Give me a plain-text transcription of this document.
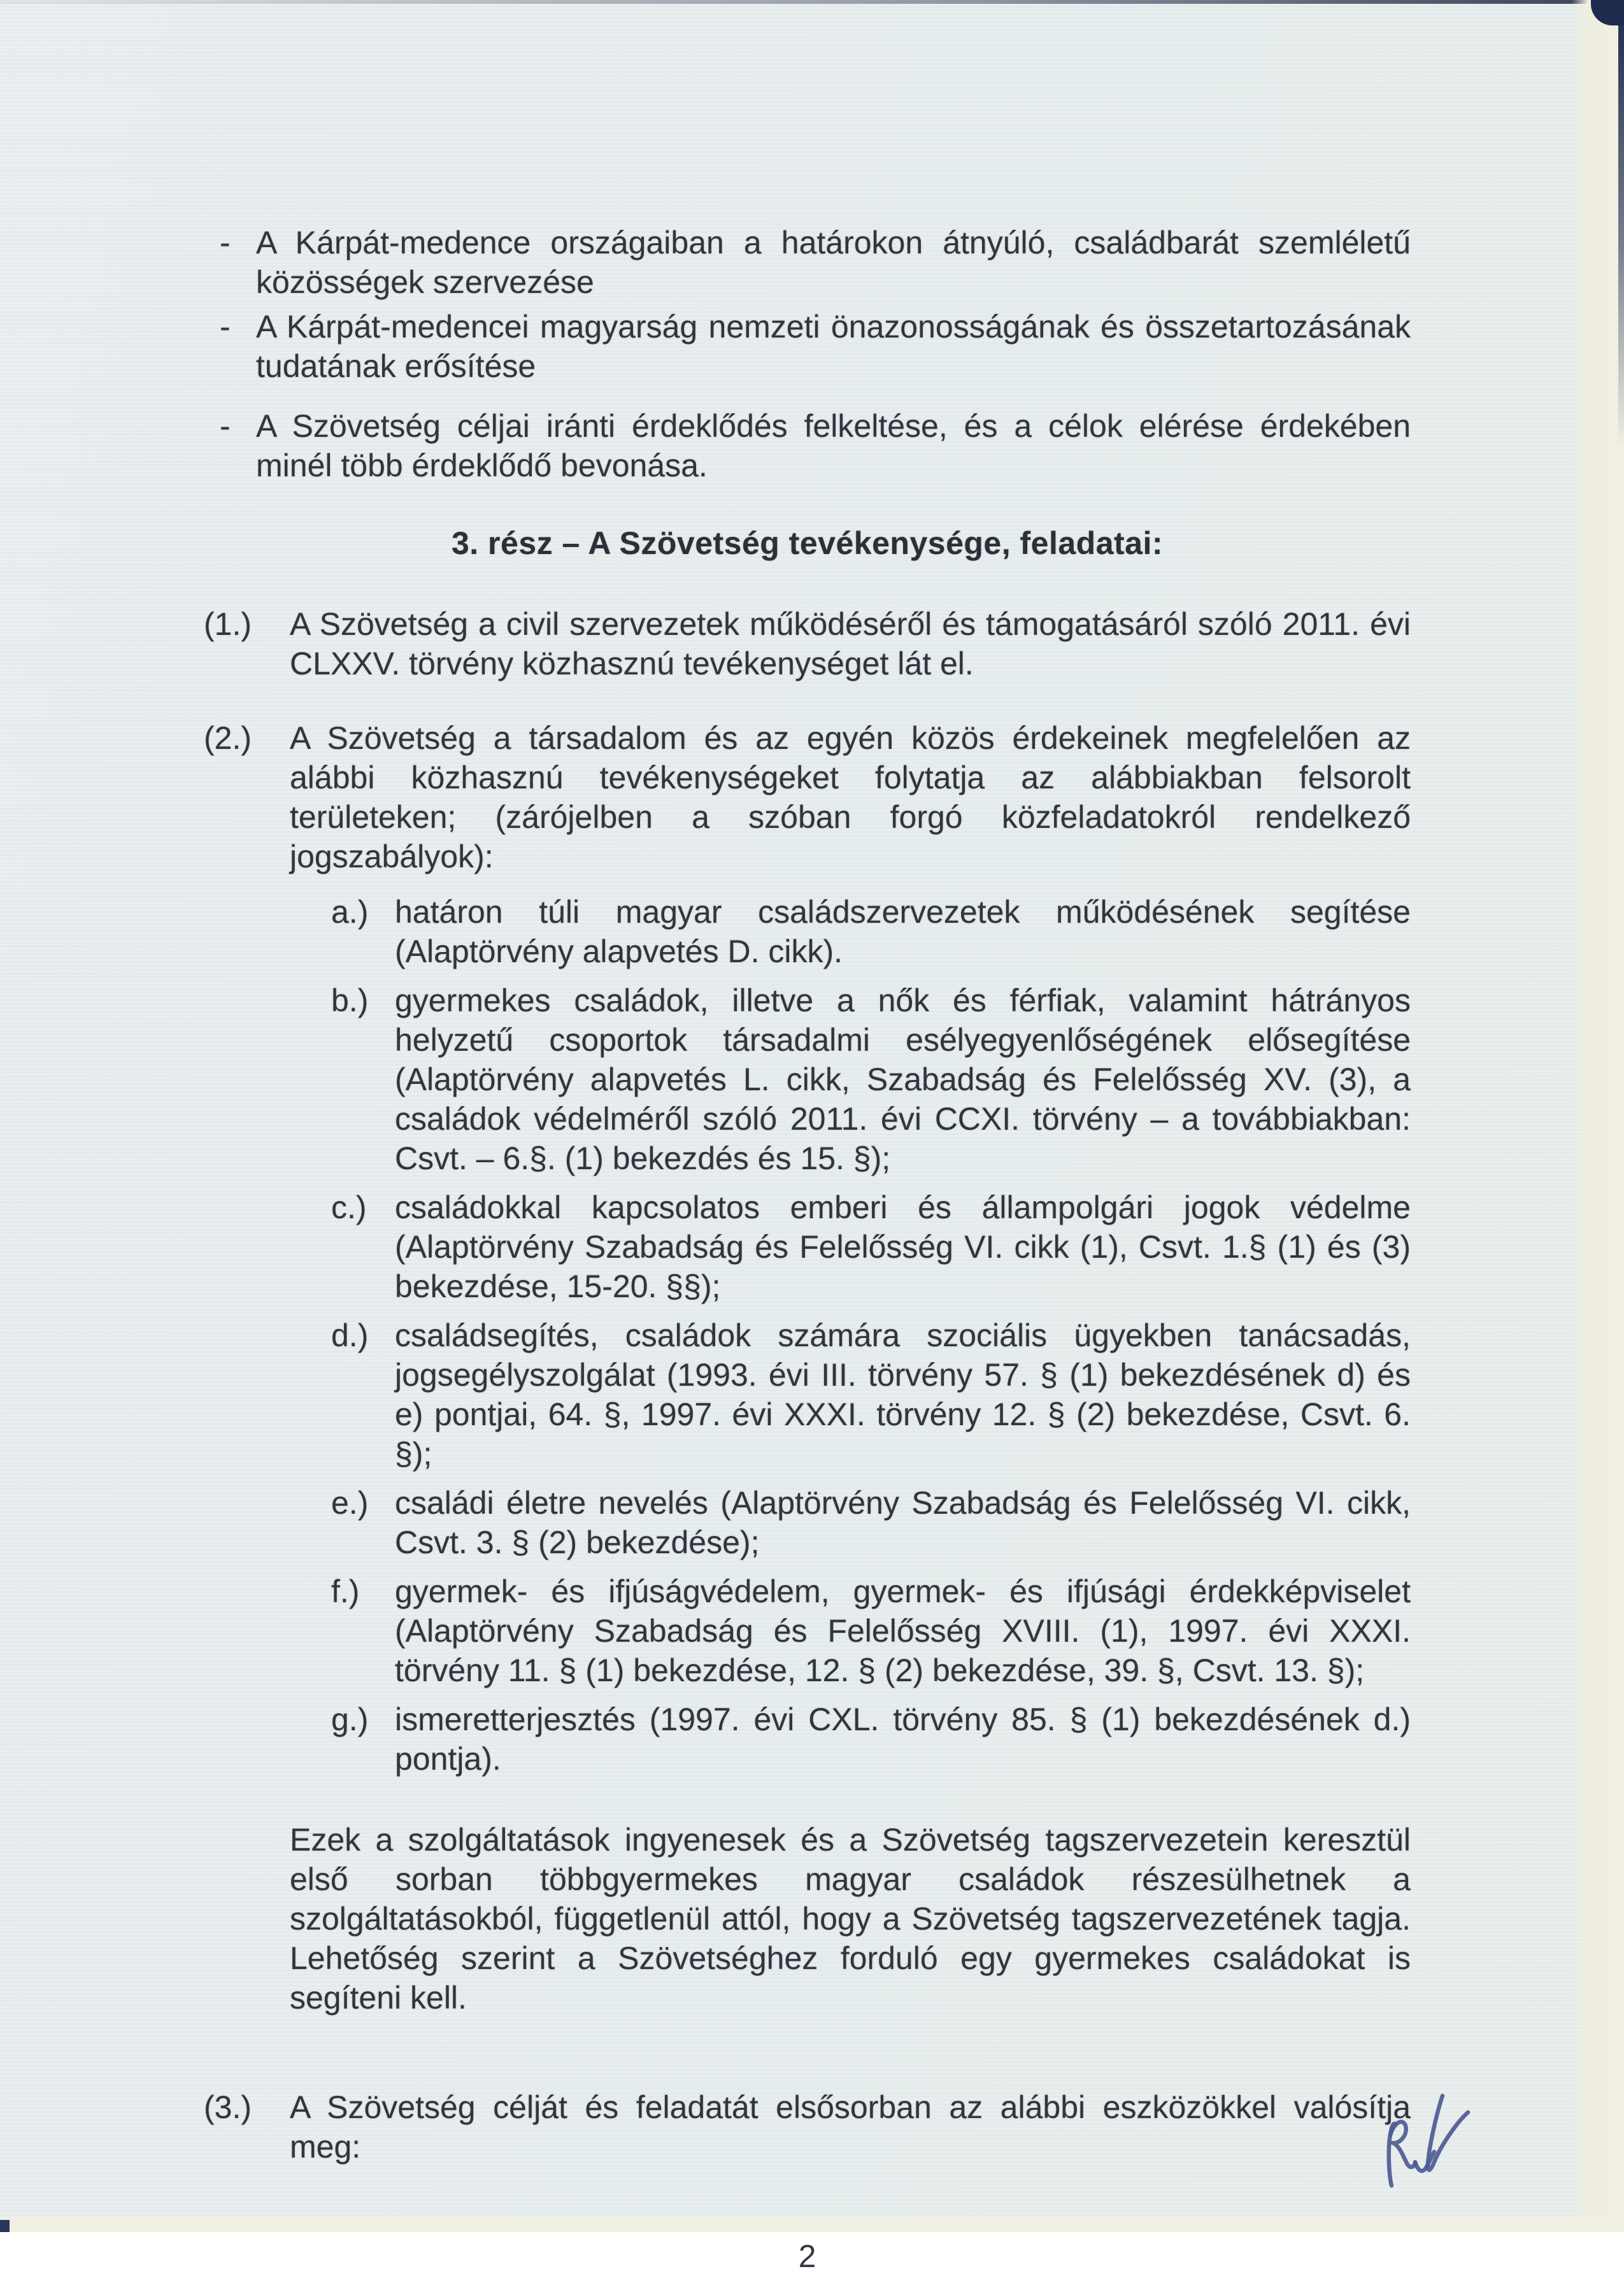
- A Kárpát-medence országaiban a határokon átnyúló, családbarát szemléletű közösségek szervezése
- A Kárpát-medencei magyarság nemzeti önazonosságának és összetartozásának tudatának erősítése
- A Szövetség céljai iránti érdeklődés felkeltése, és a célok elérése érdekében minél több érdeklődő bevonása.
3. rész – A Szövetség tevékenysége, feladatai:
(1.) A Szövetség a civil szervezetek működéséről és támogatásáról szóló 2011. évi CLXXV. törvény közhasznú tevékenységet lát el.
(2.) A Szövetség a társadalom és az egyén közös érdekeinek megfelelően az alábbi közhasznú tevékenységeket folytatja az alábbiakban felsorolt területeken; (zárójelben a szóban forgó közfeladatokról rendelkező jogszabályok):
a.) határon túli magyar családszervezetek működésének segítése (Alaptörvény alapvetés D. cikk).
b.) gyermekes családok, illetve a nők és férfiak, valamint hátrányos helyzetű csoportok társadalmi esélyegyenlőségének elősegítése (Alaptörvény alapvetés L. cikk, Szabadság és Felelősség XV. (3), a családok védelméről szóló 2011. évi CCXI. törvény – a továbbiakban: Csvt. – 6.§. (1) bekezdés és 15. §);
c.) családokkal kapcsolatos emberi és állampolgári jogok védelme (Alaptörvény Szabadság és Felelősség VI. cikk (1), Csvt. 1.§ (1) és (3) bekezdése, 15-20. §§);
d.) családsegítés, családok számára szociális ügyekben tanácsadás, jogsegélyszolgálat (1993. évi III. törvény 57. § (1) bekezdésének d) és e) pontjai, 64. §, 1997. évi XXXI. törvény 12. § (2) bekezdése, Csvt. 6. §);
e.) családi életre nevelés (Alaptörvény Szabadság és Felelősség VI. cikk, Csvt. 3. § (2) bekezdése);
f.) gyermek- és ifjúságvédelem, gyermek- és ifjúsági érdekképviselet (Alaptörvény Szabadság és Felelősség XVIII. (1), 1997. évi XXXI. törvény 11. § (1) bekezdése, 12. § (2) bekezdése, 39. §, Csvt. 13. §);
g.) ismeretterjesztés (1997. évi CXL. törvény 85. § (1) bekezdésének d.) pontja).
Ezek a szolgáltatások ingyenesek és a Szövetség tagszervezetein keresztül első sorban többgyermekes magyar családok részesülhetnek a szolgáltatásokból, függetlenül attól, hogy a Szövetség tagszervezetének tagja. Lehetőség szerint a Szövetséghez forduló egy gyermekes családokat is segíteni kell.
(3.) A Szövetség célját és feladatát elsősorban az alábbi eszközökkel valósítja meg:
2
